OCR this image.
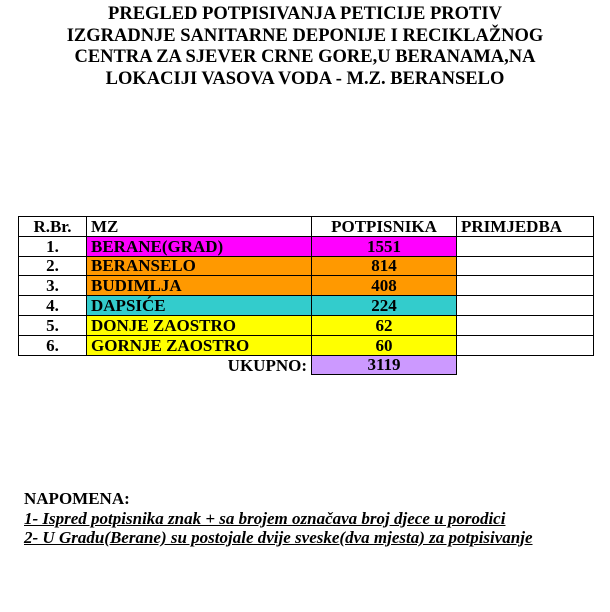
PREGLED POTPISIVANJA PETICIJE PROTIV
IZGRADNJE SANITARNE DEPONIJE I RECIKLAŽNOG
CENTRA ZA SJEVER CRNE GORE,U BERANAMA,NA
LOKACIJI VASOVA VODA - M.Z. BERANSELO
R.Br.	MZ	POTPISNIKA	PRIMJEDBA
1.	BERANE(GRAD)	1551	
2.	BERANSELO	814	
3.	BUDIMLJA	408	
4.	DAPSIĆE	224	
5.	DONJE ZAOSTRO	62	
6.	GORNJE ZAOSTRO	60	
	UKUPNO:	3119	
NAPOMENA:
1- Ispred potpisnika znak + sa brojem označava broj djece u porodici
2- U Gradu(Berane) su postojale dvije sveske(dva mjesta) za potpisivanje
